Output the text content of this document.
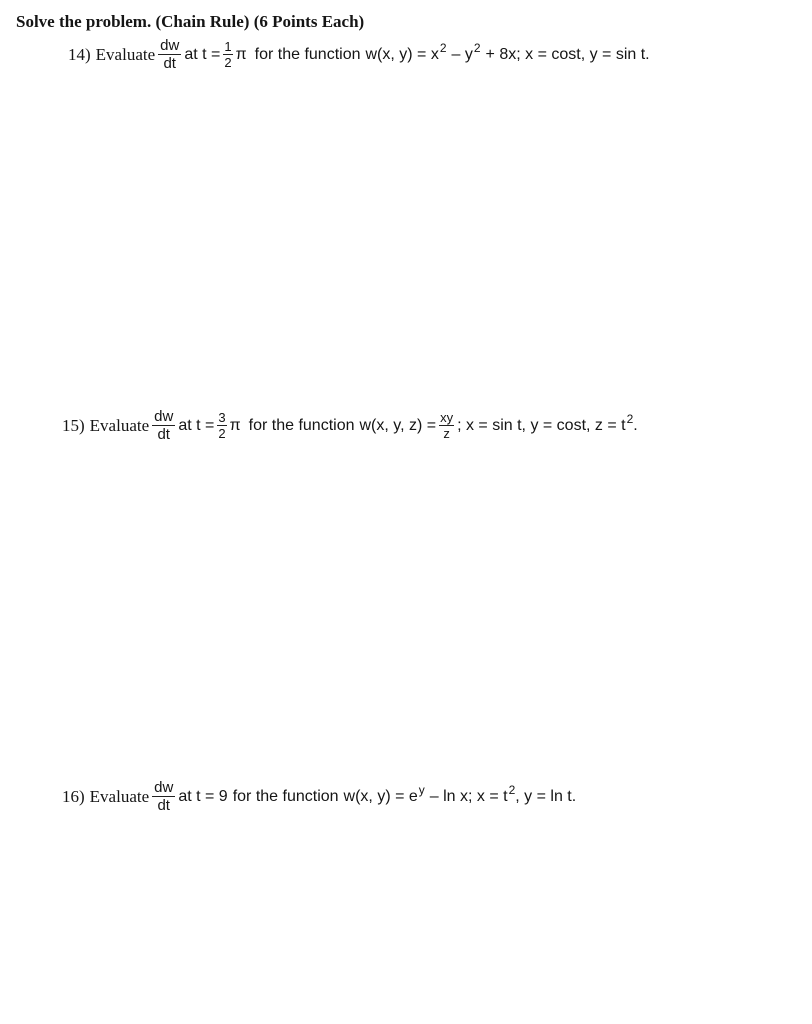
Solve the problem. (Chain Rule) (6 Points Each)
14) Evaluate $\frac{dw}{dt}$ at $t = \frac{1}{2}$ π for the function w(x, y) = x 2 – y 2 + 8x; x = cost, y = sin t.
15) Evaluate $\frac{dw}{dt}$ at $t = \frac{3}{2}$ π for the function w(x, y, $z) = \frac{xy}{z}$ ; x = sin t, y = cost, z = t 2 .
16) Evaluate $\frac{dw}{dt}$ at t = 9 for the function w(x, y) = e y – ln x; x = t 2 , y = ln t.
